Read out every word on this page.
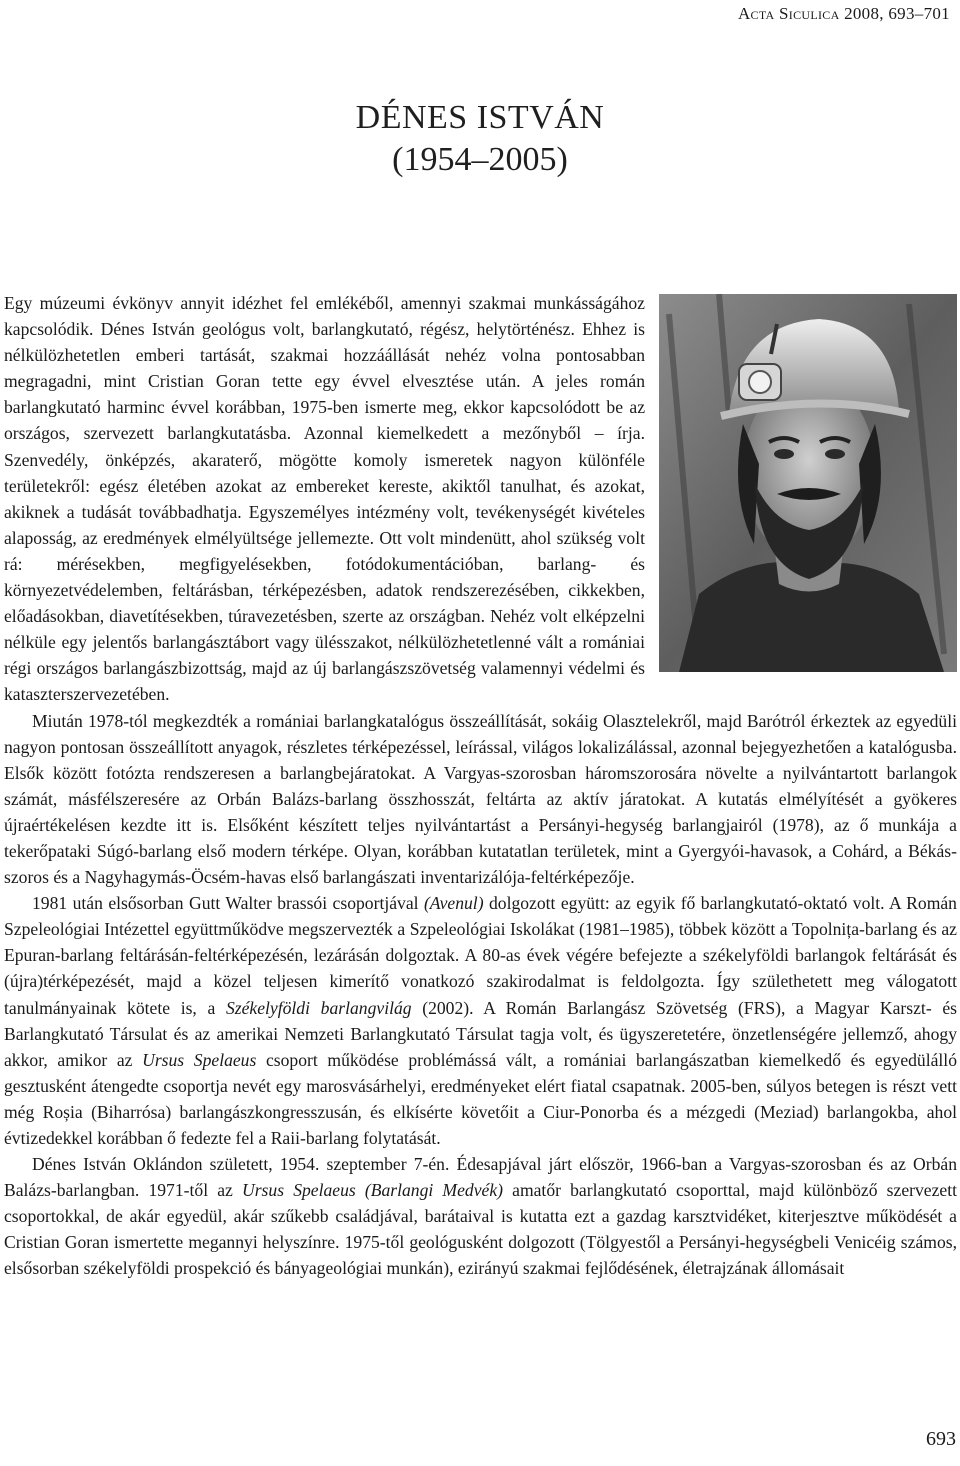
Acta Siculica 2008, 693–701
DÉNES ISTVÁN
(1954–2005)

Egy múzeumi évkönyv annyit idézhet fel emlékéből, amennyi szakmai munkásságához kapcsolódik. Dénes István geológus volt, barlangkutató, régész, helytörténész. Ehhez is nélkülözhetetlen emberi tartását, szakmai hozzáállását nehéz volna pontosabban megragadni, mint Cristian Goran tette egy évvel elvesztése után. A jeles román barlangkutató harminc évvel korábban, 1975-ben ismerte meg, ekkor kapcsolódott be az országos, szervezett barlangkutatásba. Azonnal kiemelkedett a mezőnyből – írja. Szenvedély, önképzés, akaraterő, mögötte komoly ismeretek nagyon különféle területekről: egész életében azokat az embereket kereste, akiktől tanulhat, és azokat, akiknek a tudását továbbadhatja. Egyszemélyes intézmény volt, tevékenységét kivételes alaposság, az eredmények elmélyültsége jellemezte. Ott volt mindenütt, ahol szükség volt rá: mérésekben, megfigyelésekben, fotódokumentációban, barlang- és környezetvédelemben, feltárásban, térképezésben, adatok rendszerezésében, cikkekben, előadásokban, diavetítésekben, túravezetésben, szerte az országban. Nehéz volt elképzelni nélküle egy jelentős barlangásztábort vagy ülésszakot, nélkülözhetetlenné vált a romániai régi országos barlangászbizottság, majd az új barlangászszövetség valamennyi védelmi és kataszterszervezetében.

Miután 1978-tól megkezdték a romániai barlangkatalógus összeállítását, sokáig Olasztelekről, majd Barótról érkeztek az egyedüli nagyon pontosan összeállított anyagok, részletes térképezéssel, leírással, világos lokalizálással, azonnal bejegyezhetően a katalógusba. Elsők között fotózta rendszeresen a barlangbejáratokat. A Vargyas-szorosban háromszorosára növelte a nyilvántartott barlangok számát, másfélszeresére az Orbán Balázs-barlang összhosszát, feltárta az aktív járatokat. A kutatás elmélyítését a gyökeres újraértékelésen kezdte itt is. Elsőként készített teljes nyilvántartást a Persányi-hegység barlangjairól (1978), az ő munkája a tekerőpataki Súgó-barlang első modern térképe. Olyan, korábban kutatatlan területek, mint a Gyergyói-havasok, a Cohárd, a Békás-szoros és a Nagyhagymás-Öcsém-havas első barlangászati inventarizálója-feltérképezője.

1981 után elsősorban Gutt Walter brassói csoportjával (Avenul) dolgozott együtt: az egyik fő barlangkutató-oktató volt. A Román Szpeleológiai Intézettel együttműködve megszervezték a Szpeleológiai Iskolákat (1981–1985), többek között a Topolnița-barlang és az Epuran-barlang feltárásán-feltérképezésén, lezárásán dolgoztak. A 80-as évek végére befejezte a székelyföldi barlangok feltárását és (újra)térképezését, majd a közel teljesen kimerítő vonatkozó szakirodalmat is feldolgozta. Így születhetett meg válogatott tanulmányainak kötete is, a Székelyföldi barlangvilág (2002). A Román Barlangász Szövetség (FRS), a Magyar Karszt- és Barlangkutató Társulat és az amerikai Nemzeti Barlangkutató Társulat tagja volt, és ügyszeretetére, önzetlenségére jellemző, ahogy akkor, amikor az Ursus Spelaeus csoport működése problémássá vált, a romániai barlangászatban kiemelkedő és egyedülálló gesztusként átengedte csoportja nevét egy marosvásárhelyi, eredményeket elért fiatal csapatnak. 2005-ben, súlyos betegen is részt vett még Roșia (Biharrósa) barlangászkongresszusán, és elkísérte követőit a Ciur-Ponorba és a mézgedi (Meziad) barlangokba, ahol évtizedekkel korábban ő fedezte fel a Raii-barlang folytatását.

Dénes István Oklándon született, 1954. szeptember 7-én. Édesapjával járt először, 1966-ban a Vargyas-szorosban és az Orbán Balázs-barlangban. 1971-től az Ursus Spelaeus (Barlangi Medvék) amatőr barlangkutató csoporttal, majd különböző szervezett csoportokkal, de akár egyedül, akár szűkebb családjával, barátaival is kutatta ezt a gazdag karsztvidéket, kiterjesztve működését a Cristian Goran ismertette megannyi helyszínre. 1975-től geológusként dolgozott (Tölgyestől a Persányi-hegységbeli Venicéig számos, elsősorban székelyföldi prospekció és bányageológiai munkán), ezirányú szakmai fejlődésének, életrajzának állomásait

693
